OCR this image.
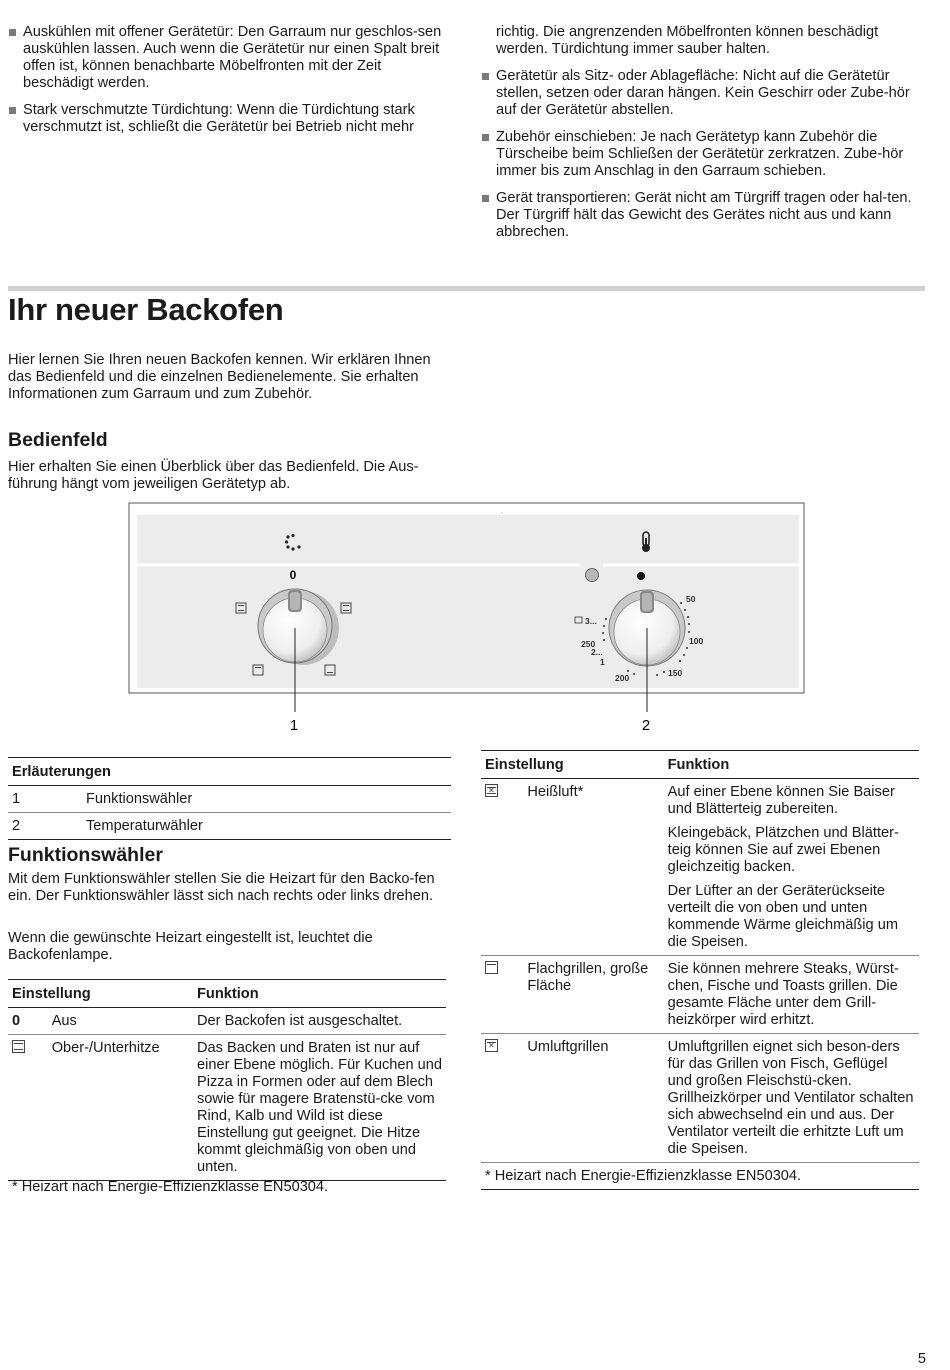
Auskühlen mit offener Gerätetür: Den Garraum nur geschlos-sen auskühlen lassen. Auch wenn die Gerätetür nur einen Spalt breit offen ist, können benachbarte Möbelfronten mit der Zeit beschädigt werden.
Stark verschmutzte Türdichtung: Wenn die Türdichtung stark verschmutzt ist, schließt die Gerätetür bei Betrieb nicht mehr

richtig. Die angrenzenden Möbelfronten können beschädigt werden. Türdichtung immer sauber halten.

Gerätetür als Sitz- oder Ablagefläche: Nicht auf die Gerätetür stellen, setzen oder daran hängen. Kein Geschirr oder Zube-hör auf der Gerätetür abstellen.
Zubehör einschieben: Je nach Gerätetyp kann Zubehör die Türscheibe beim Schließen der Gerätetür zerkratzen. Zube-hör immer bis zum Anschlag in den Garraum schieben.
Gerät transportieren: Gerät nicht am Türgriff tragen oder hal-ten. Der Türgriff hält das Gewicht des Gerätes nicht aus und kann abbrechen.
Ihr neuer Backofen

Hier lernen Sie Ihren neuen Backofen kennen. Wir erklären Ihnen das Bedienfeld und die einzelnen Bedienelemente. Sie erhalten Informationen zum Garraum und zum Zubehör.

Bedienfeld

Hier erhalten Sie einen Überblick über das Bedienfeld. Die Aus-führung hängt vom jeweiligen Gerätetyp ab.

0
50
100
150
200
250
3...
2...
1
1	2
Erläuterungen	
1	Funktionswähler
2	Temperaturwähler
Funktionswähler

Mit dem Funktionswähler stellen Sie die Heizart für den Backo-fen ein. Der Funktionswähler lässt sich nach rechts oder links drehen.

Wenn die gewünschte Heizart eingestellt ist, leuchtet die Backofenlampe.

Einstellung		Funktion
0	Aus	Der Backofen ist ausgeschaltet.

	Ober-/Unterhitze	Das Backen und Braten ist nur auf einer Ebene möglich. Für Kuchen und Pizza in Formen oder auf dem Blech sowie für magere Bratenstü-cke vom Rind, Kalb und Wild ist diese Einstellung gut geeignet. Die Hitze kommt gleichmäßig von oben und unten.
* Heizart nach Energie-Effizienzklasse EN50304.
Einstellung		Funktion

✕	Heißluft*	Auf einer Ebene können Sie Baiser und Blätterteig zubereiten.

Kleingebäck, Plätzchen und Blätter-teig können Sie auf zwei Ebenen gleichzeitig backen.

Der Lüfter an der Geräterückseite verteilt die von oben und unten kommende Wärme gleichmäßig um die Speisen.

	Flachgrillen, große Fläche	Sie können mehrere Steaks, Würst-chen, Fische und Toasts grillen. Die gesamte Fläche unter dem Grill-heizkörper wird erhitzt.

✕	Umluftgrillen	Umluftgrillen eignet sich beson-ders für das Grillen von Fisch, Geflügel und großen Fleischstü-cken. Grillheizkörper und Ventilator schalten sich abwechselnd ein und aus. Der Ventilator verteilt die erhitzte Luft um die Speisen.
* Heizart nach Energie-Effizienzklasse EN50304.		
5
